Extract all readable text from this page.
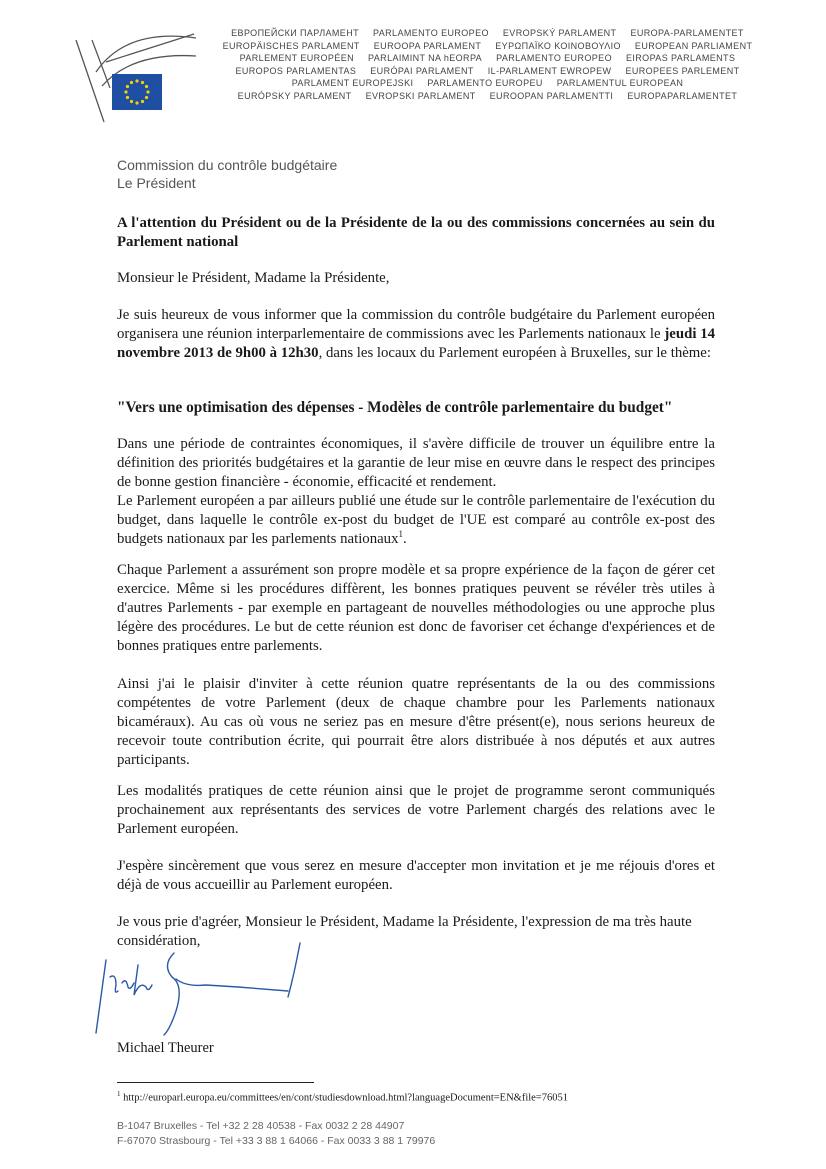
ЕВРОПЕЙСКИ ПАРЛАМЕНТ PARLAMENTO EUROPEO EVROPSKÝ PARLAMENT EUROPA-PARLAMENTET
EUROPÄISCHES PARLAMENT EUROOPA PARLAMENT ΕΥΡΩΠΑΪΚΟ ΚΟΙΝΟΒΟΥΛΙΟ EUROPEAN PARLIAMENT
PARLEMENT EUROPÉEN PARLAIMINT NA hEORPA PARLAMENTO EUROPEO EIROPAS PARLAMENTS
EUROPOS PARLAMENTAS EURÓPAI PARLAMENT IL-PARLAMENT EWROPEW EUROPEES PARLEMENT
PARLAMENT EUROPEJSKI PARLAMENTO EUROPEU PARLAMENTUL EUROPEAN
EURÓPSKY PARLAMENT EVROPSKI PARLAMENT EUROOPAN PARLAMENTTI EUROPAPARLAMENTET
Commission du contrôle budgétaire
Le Président

A l'attention du Président ou de la Présidente de la ou des commissions concernées au sein du Parlement national

Monsieur le Président, Madame la Présidente,

Je suis heureux de vous informer que la commission du contrôle budgétaire du Parlement européen organisera une réunion interparlementaire de commissions avec les Parlements nationaux le jeudi 14 novembre 2013 de 9h00 à 12h30, dans les locaux du Parlement européen à Bruxelles, sur le thème:

"Vers une optimisation des dépenses - Modèles de contrôle parlementaire du budget"

Dans une période de contraintes économiques, il s'avère difficile de trouver un équilibre entre la définition des priorités budgétaires et la garantie de leur mise en œuvre dans le respect des principes de bonne gestion financière - économie, efficacité et rendement.

Le Parlement européen a par ailleurs publié une étude sur le contrôle parlementaire de l'exécution du budget, dans laquelle le contrôle ex-post du budget de l'UE est comparé au contrôle ex-post des budgets nationaux par les parlements nationaux$^1$.

Chaque Parlement a assurément son propre modèle et sa propre expérience de la façon de gérer cet exercice. Même si les procédures diffèrent, les bonnes pratiques peuvent se révéler très utiles à d'autres Parlements - par exemple en partageant de nouvelles méthodologies ou une approche plus légère des procédures. Le but de cette réunion est donc de favoriser cet échange d'expériences et de bonnes pratiques entre parlements.

Ainsi j'ai le plaisir d'inviter à cette réunion quatre représentants de la ou des commissions compétentes de votre Parlement (deux de chaque chambre pour les Parlements nationaux bicaméraux). Au cas où vous ne seriez pas en mesure d'être présent(e), nous serions heureux de recevoir toute contribution écrite, qui pourrait être alors distribuée à nos députés et aux autres participants.

Les modalités pratiques de cette réunion ainsi que le projet de programme seront communiqués prochainement aux représentants des services de votre Parlement chargés des relations avec le Parlement européen.

J'espère sincèrement que vous serez en mesure d'accepter mon invitation et je me réjouis d'ores et déjà de vous accueillir au Parlement européen.

Je vous prie d'agréer, Monsieur le Président, Madame la Présidente, l'expression de ma très haute considération,

Michael Theurer
$^1$ http://europarl.europa.eu/committees/en/cont/studiesdownload.html?languageDocument=EN&file=76051
B-1047 Bruxelles - Tel +32 2 28 40538 - Fax 0032 2 28 44907
F-67070 Strasbourg - Tel +33 3 88 1 64066 - Fax 0033 3 88 1 79976
